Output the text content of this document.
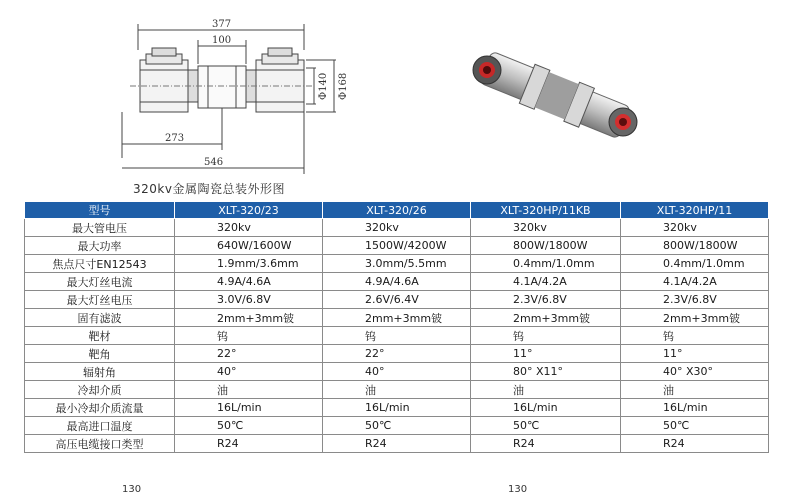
377
100
273
546
Φ140 Φ168
320kv金属陶瓷总装外形图
型号	XLT-320/23	XLT-320/26	XLT-320HP/11KB	XLT-320HP/11
最大管电压	320kv	320kv	320kv	320kv
最大功率	640W/1600W	1500W/4200W	800W/1800W	800W/1800W
焦点尺寸EN12543	1.9mm/3.6mm	3.0mm/5.5mm	0.4mm/1.0mm	0.4mm/1.0mm
最大灯丝电流	4.9A/4.6A	4.9A/4.6A	4.1A/4.2A	4.1A/4.2A
最大灯丝电压	3.0V/6.8V	2.6V/6.4V	2.3V/6.8V	2.3V/6.8V
固有滤波	2mm+3mm铍	2mm+3mm铍	2mm+3mm铍	2mm+3mm铍
靶材	钨	钨	钨	钨
靶角	22°	22°	11°	11°
辐射角	40°	40°	80° X11°	40° X30°
冷却介质	油	油	油	油
最小冷却介质流量	16L/min	16L/min	16L/min	16L/min
最高进口温度	50℃	50℃	50℃	50℃
高压电缆接口类型	R24	R24	R24	R24
130	130
